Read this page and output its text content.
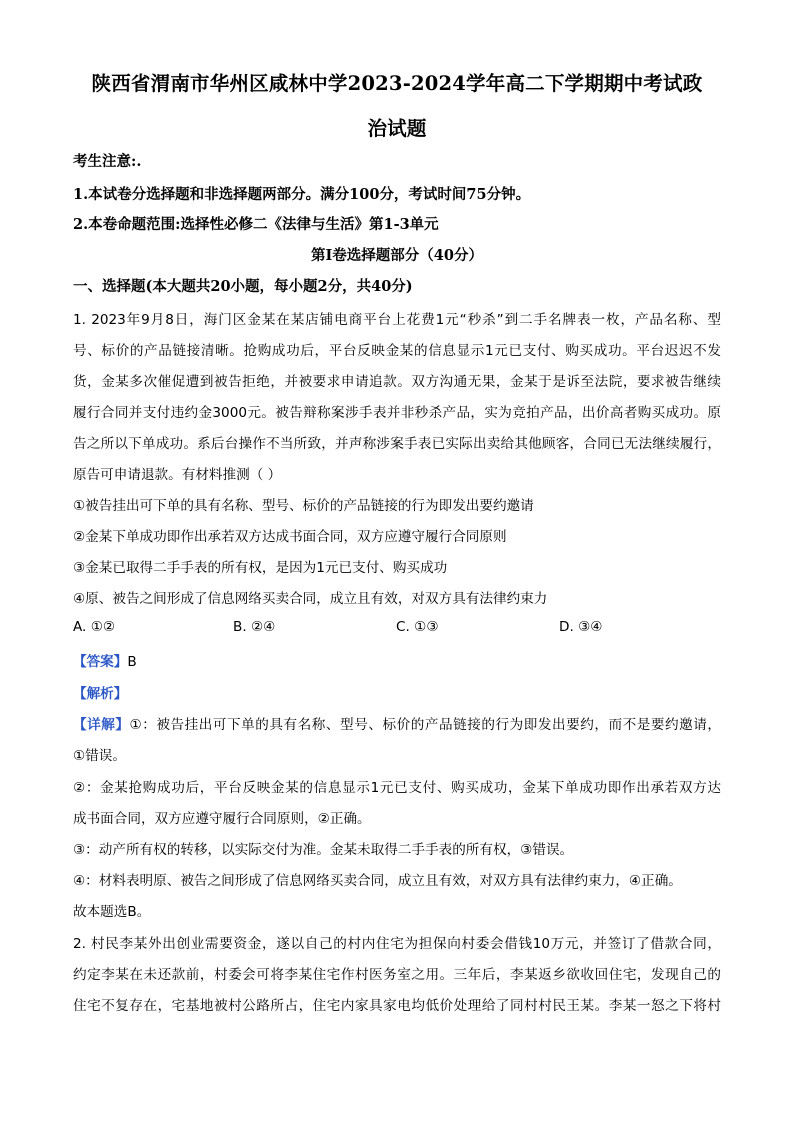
陕西省渭南市华州区咸林中学2023-2024学年高二下学期期中考试政
治试题
考生注意:.
1.本试卷分选择题和非选择题两部分。满分100分，考试时间75分钟。
2.本卷命题范围:选择性必修二《法律与生活》第1-3单元
第Ⅰ卷选择题部分（40分）
一、选择题(本大题共20小题，每小题2分，共40分)
1. 2023年9月8日，海门区金某在某店铺电商平台上花费1元“秒杀”到二手名牌表一枚，产品名称、型
号、标价的产品链接清晰。抢购成功后，平台反映金某的信息显示1元已支付、购买成功。平台迟迟不发
货，金某多次催促遭到被告拒绝，并被要求申请追款。双方沟通无果，金某于是诉至法院，要求被告继续
履行合同并支付违约金3000元。被告辩称案涉手表并非秒杀产品，实为竞拍产品，出价高者购买成功。原
告之所以下单成功。系后台操作不当所致，并声称涉案手表已实际出卖给其他顾客，合同已无法继续履行，
原告可申请退款。有材料推测（ ）
①被告挂出可下单的具有名称、型号、标价的产品链接的行为即发出要约邀请
②金某下单成功即作出承若双方达成书面合同，双方应遵守履行合同原则
③金某已取得二手手表的所有权，是因为1元已支付、购买成功
④原、被告之间形成了信息网络买卖合同，成立且有效，对双方具有法律约束力
A. ①②	B. ②④	C. ①③	D. ③④
【答案】B
【解析】
【详解】①：被告挂出可下单的具有名称、型号、标价的产品链接的行为即发出要约，而不是要约邀请，
①错误。
②：金某抢购成功后，平台反映金某的信息显示1元已支付、购买成功，金某下单成功即作出承若双方达
成书面合同，双方应遵守履行合同原则，②正确。
③：动产所有权的转移，以实际交付为准。金某未取得二手手表的所有权，③错误。
④：材料表明原、被告之间形成了信息网络买卖合同，成立且有效，对双方具有法律约束力，④正确。
故本题选B。
2. 村民李某外出创业需要资金，遂以自己的村内住宅为担保向村委会借钱10万元，并签订了借款合同，
约定李某在未还款前，村委会可将李某住宅作村医务室之用。三年后，李某返乡欲收回住宅，发现自己的
住宅不复存在，宅基地被村公路所占，住宅内家具家电均低价处理给了同村村民王某。李某一怒之下将村
